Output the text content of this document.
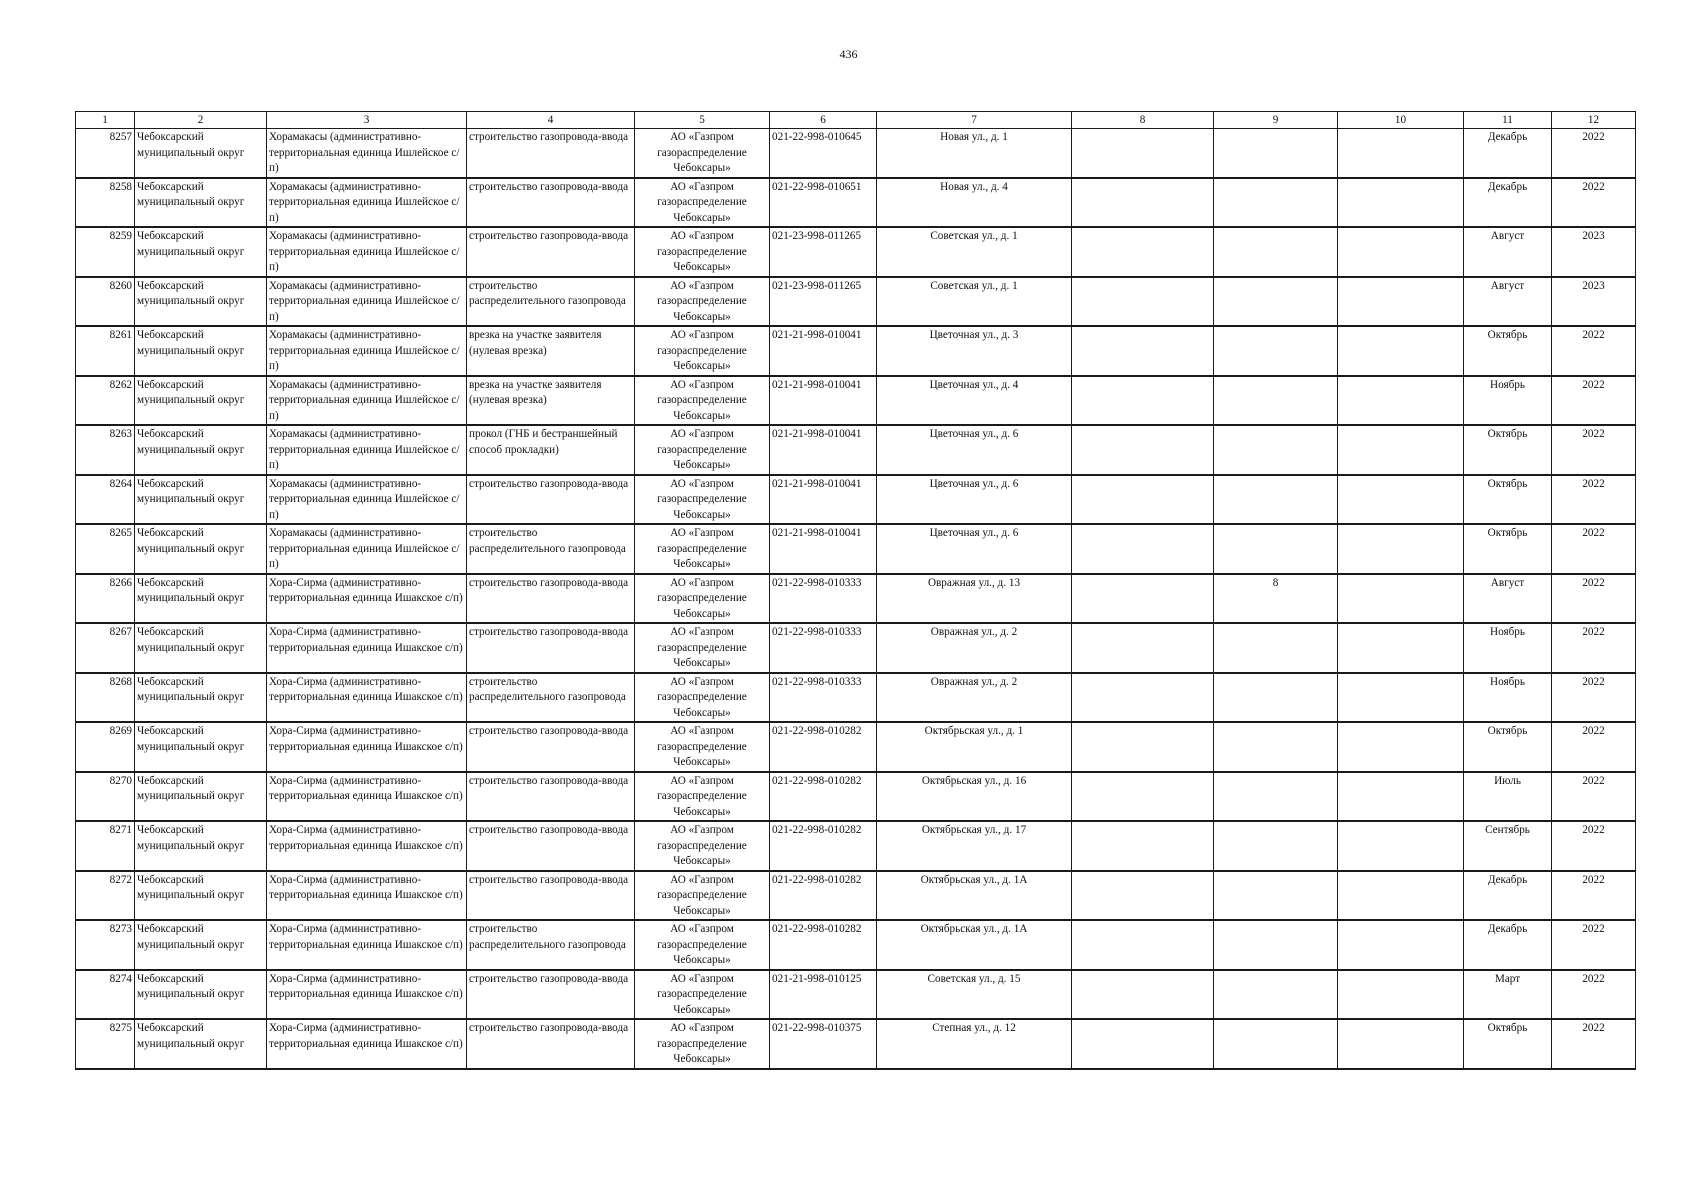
436
1	2	3	4	5	6	7	8	9	10	11	12
8257	Чебоксарский муниципальный округ	Хорамакасы (административно-территориальная единица Ишлейское с/п)	строительство газопровода-ввода	АО «Газпром газораспределение Чебоксары»	021-22-998-010645	Новая ул., д. 1				Декабрь	2022
8258	Чебоксарский муниципальный округ	Хорамакасы (административно-территориальная единица Ишлейское с/п)	строительство газопровода-ввода	АО «Газпром газораспределение Чебоксары»	021-22-998-010651	Новая ул., д. 4				Декабрь	2022
8259	Чебоксарский муниципальный округ	Хорамакасы (административно-территориальная единица Ишлейское с/п)	строительство газопровода-ввода	АО «Газпром газораспределение Чебоксары»	021-23-998-011265	Советская ул., д. 1				Август	2023
8260	Чебоксарский муниципальный округ	Хорамакасы (административно-территориальная единица Ишлейское с/п)	строительство распределительного газопровода	АО «Газпром газораспределение Чебоксары»	021-23-998-011265	Советская ул., д. 1				Август	2023
8261	Чебоксарский муниципальный округ	Хорамакасы (административно-территориальная единица Ишлейское с/п)	врезка на участке заявителя (нулевая врезка)	АО «Газпром газораспределение Чебоксары»	021-21-998-010041	Цветочная ул., д. 3				Октябрь	2022
8262	Чебоксарский муниципальный округ	Хорамакасы (административно-территориальная единица Ишлейское с/п)	врезка на участке заявителя (нулевая врезка)	АО «Газпром газораспределение Чебоксары»	021-21-998-010041	Цветочная ул., д. 4				Ноябрь	2022
8263	Чебоксарский муниципальный округ	Хорамакасы (административно-территориальная единица Ишлейское с/п)	прокол (ГНБ и бестраншейный способ прокладки)	АО «Газпром газораспределение Чебоксары»	021-21-998-010041	Цветочная ул., д. 6				Октябрь	2022
8264	Чебоксарский муниципальный округ	Хорамакасы (административно-территориальная единица Ишлейское с/п)	строительство газопровода-ввода	АО «Газпром газораспределение Чебоксары»	021-21-998-010041	Цветочная ул., д. 6				Октябрь	2022
8265	Чебоксарский муниципальный округ	Хорамакасы (административно-территориальная единица Ишлейское с/п)	строительство распределительного газопровода	АО «Газпром газораспределение Чебоксары»	021-21-998-010041	Цветочная ул., д. 6				Октябрь	2022
8266	Чебоксарский муниципальный округ	Хора-Сирма (административно-территориальная единица Ишакское с/п)	строительство газопровода-ввода	АО «Газпром газораспределение Чебоксары»	021-22-998-010333	Овражная ул., д. 13		8		Август	2022
8267	Чебоксарский муниципальный округ	Хора-Сирма (административно-территориальная единица Ишакское с/п)	строительство газопровода-ввода	АО «Газпром газораспределение Чебоксары»	021-22-998-010333	Овражная ул., д. 2				Ноябрь	2022
8268	Чебоксарский муниципальный округ	Хора-Сирма (административно-территориальная единица Ишакское с/п)	строительство распределительного газопровода	АО «Газпром газораспределение Чебоксары»	021-22-998-010333	Овражная ул., д. 2				Ноябрь	2022
8269	Чебоксарский муниципальный округ	Хора-Сирма (административно-территориальная единица Ишакское с/п)	строительство газопровода-ввода	АО «Газпром газораспределение Чебоксары»	021-22-998-010282	Октябрьская ул., д. 1				Октябрь	2022
8270	Чебоксарский муниципальный округ	Хора-Сирма (административно-территориальная единица Ишакское с/п)	строительство газопровода-ввода	АО «Газпром газораспределение Чебоксары»	021-22-998-010282	Октябрьская ул., д. 16				Июль	2022
8271	Чебоксарский муниципальный округ	Хора-Сирма (административно-территориальная единица Ишакское с/п)	строительство газопровода-ввода	АО «Газпром газораспределение Чебоксары»	021-22-998-010282	Октябрьская ул., д. 17				Сентябрь	2022
8272	Чебоксарский муниципальный округ	Хора-Сирма (административно-территориальная единица Ишакское с/п)	строительство газопровода-ввода	АО «Газпром газораспределение Чебоксары»	021-22-998-010282	Октябрьская ул., д. 1А				Декабрь	2022
8273	Чебоксарский муниципальный округ	Хора-Сирма (административно-территориальная единица Ишакское с/п)	строительство распределительного газопровода	АО «Газпром газораспределение Чебоксары»	021-22-998-010282	Октябрьская ул., д. 1А				Декабрь	2022
8274	Чебоксарский муниципальный округ	Хора-Сирма (административно-территориальная единица Ишакское с/п)	строительство газопровода-ввода	АО «Газпром газораспределение Чебоксары»	021-21-998-010125	Советская ул., д. 15				Март	2022
8275	Чебоксарский муниципальный округ	Хора-Сирма (административно-территориальная единица Ишакское с/п)	строительство газопровода-ввода	АО «Газпром газораспределение Чебоксары»	021-22-998-010375	Степная ул., д. 12				Октябрь	2022
